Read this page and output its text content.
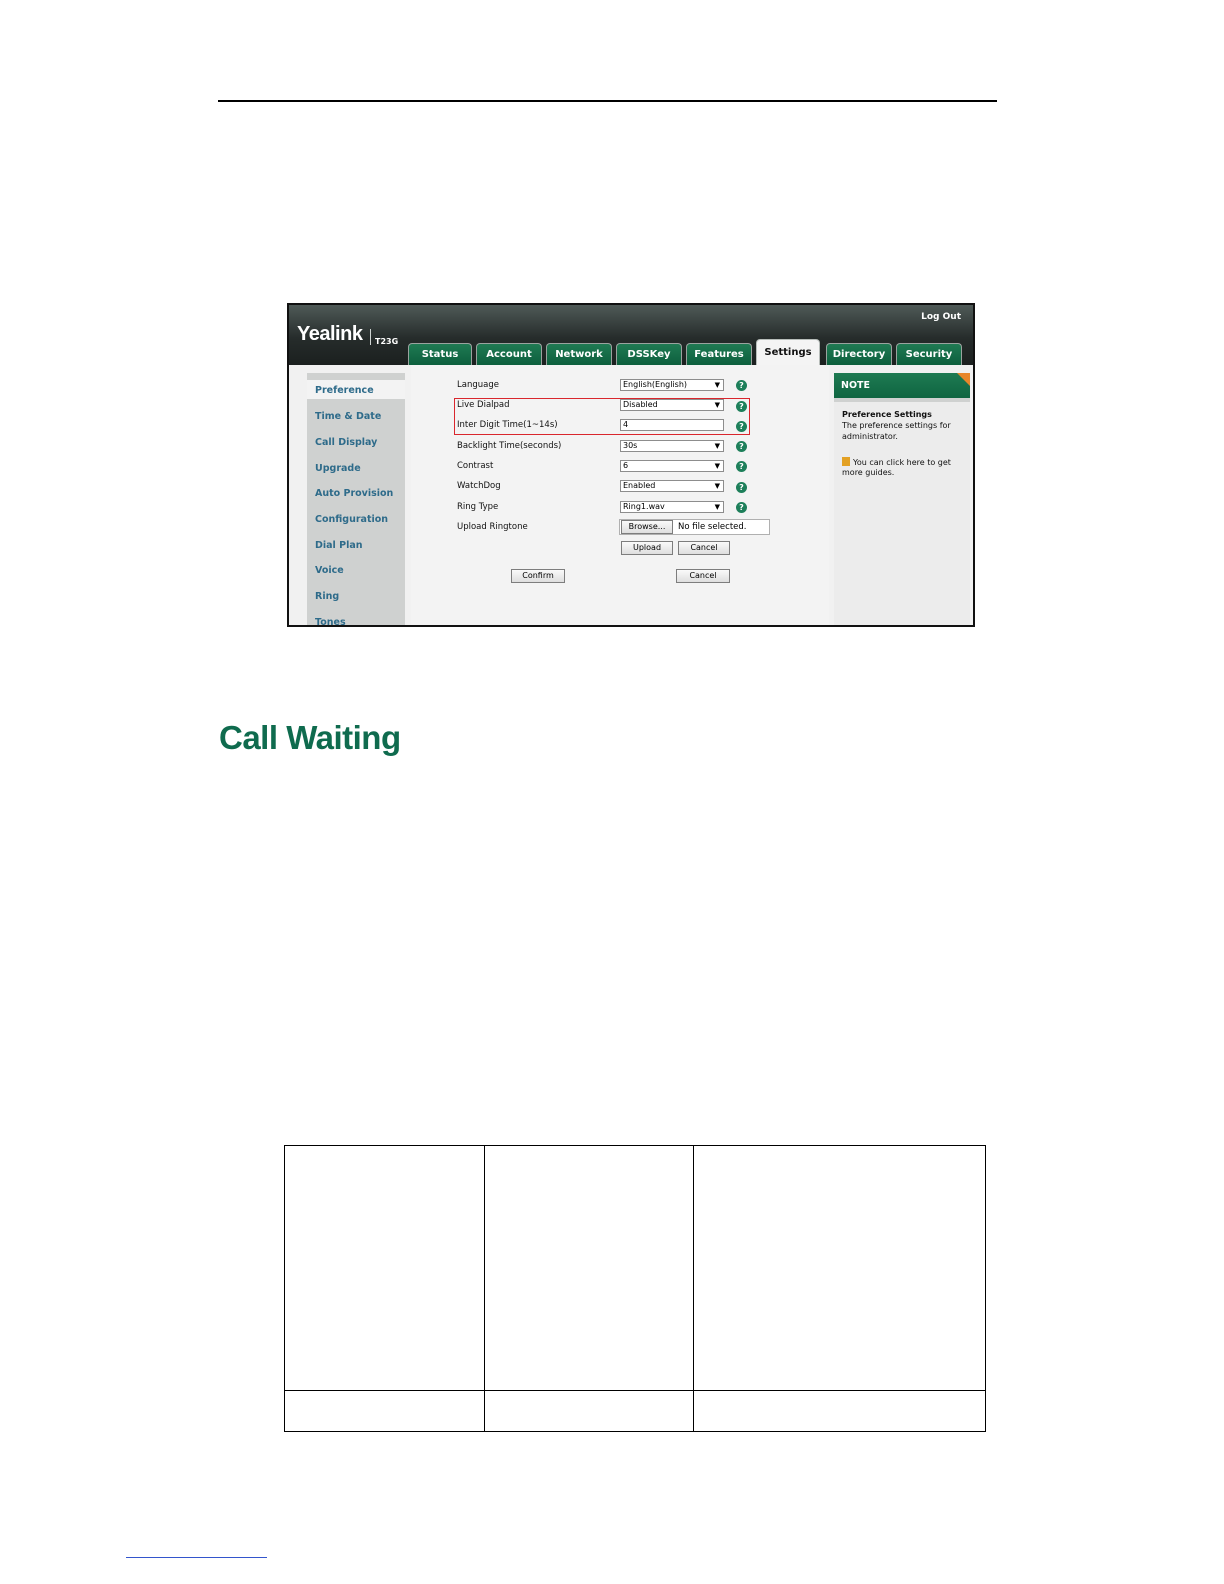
Yealink T23G
Log Out
Status	Account	Network	DSSKey	Features	Settings	Directory	Security
Preference
Time & Date
Call Display
Upgrade
Auto Provision
Configuration
Dial Plan
Voice
Ring
Tones
Language	English(English)	▼	?
Live Dialpad	Disabled	▼	?
Inter Digit Time(1~14s)	4	?
Backlight Time(seconds)	30s	▼	?
Contrast	6	▼	?
WatchDog	Enabled	▼	?
Ring Type	Ring1.wav	▼	?
Upload Ringtone	Browse...	No file selected.
Upload	Cancel
Confirm	Cancel
NOTE
Preference Settings
The preference settings for
administrator.
You can click here to get
more guides.
Call Waiting
